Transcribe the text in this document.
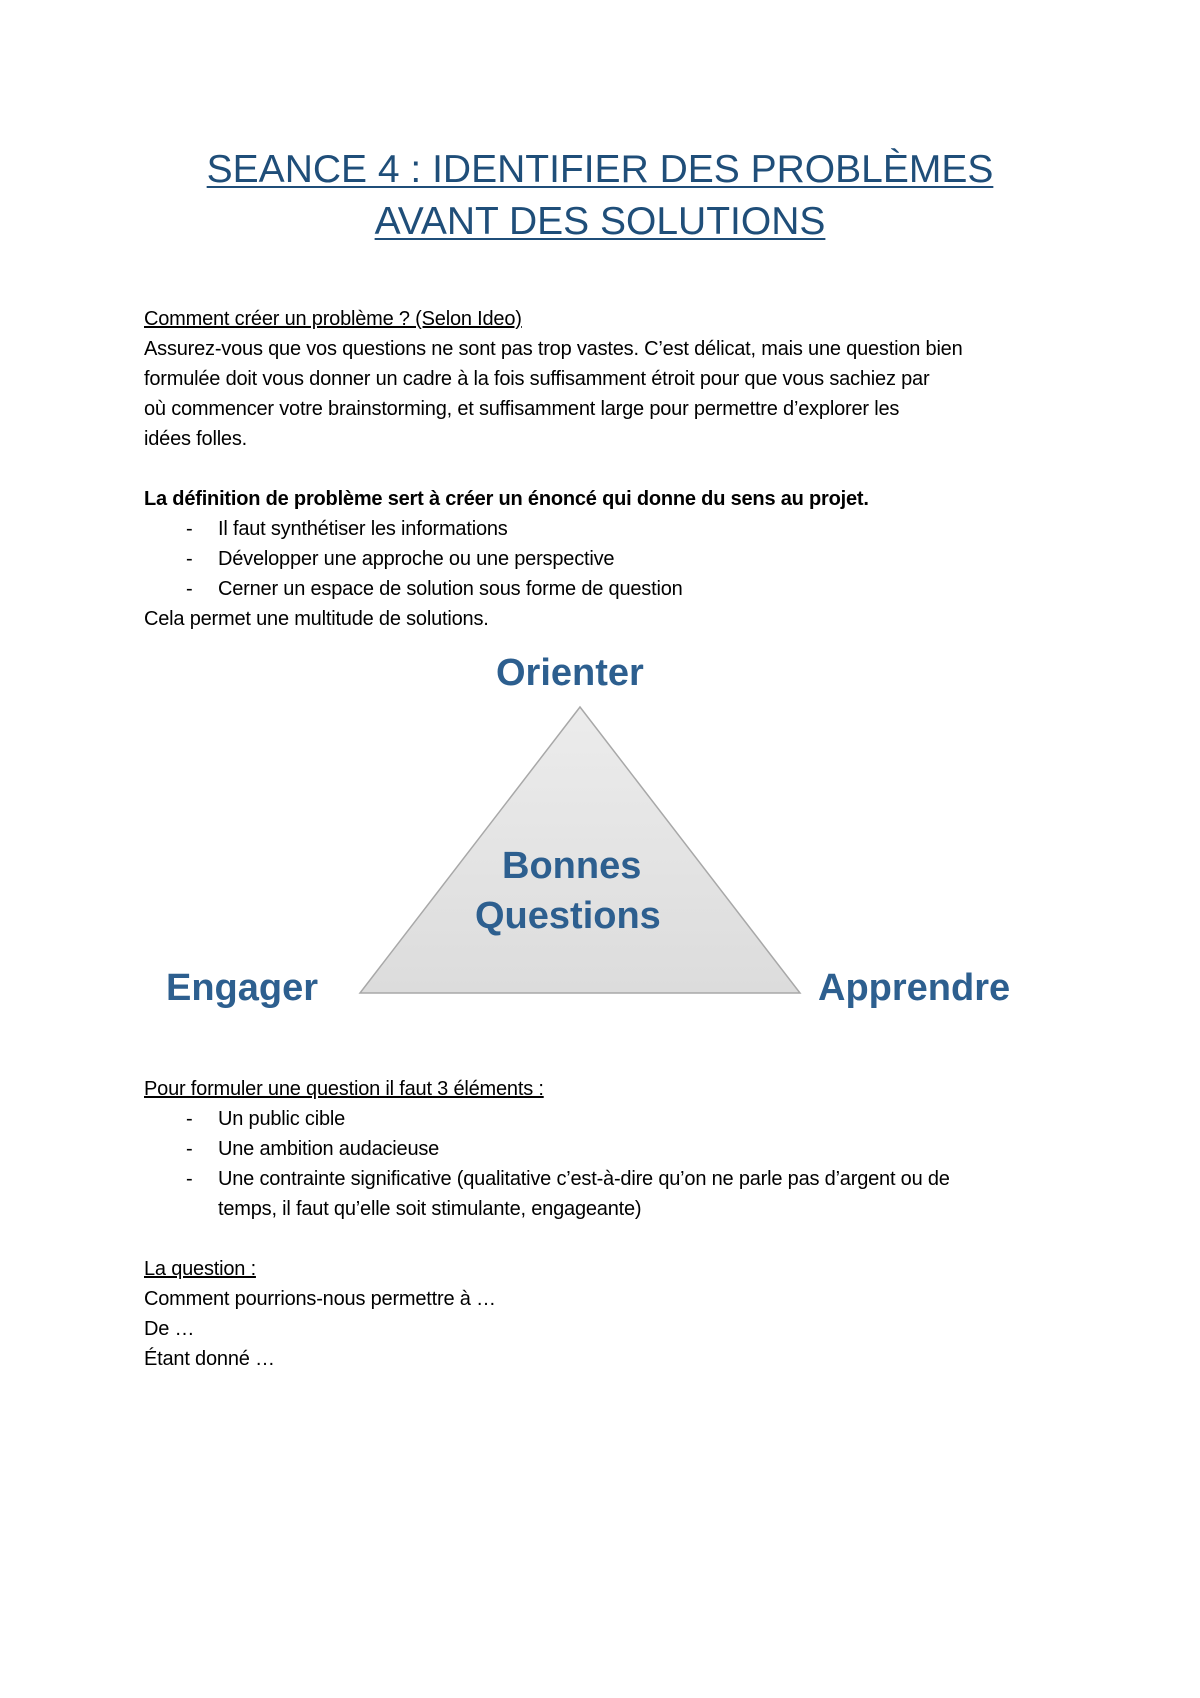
SEANCE 4 : IDENTIFIER DES PROBLÈMES
AVANT DES SOLUTIONS
Comment créer un problème ? (Selon Ideo)
Assurez-vous que vos questions ne sont pas trop vastes. C’est délicat, mais une question bien
formulée doit vous donner un cadre à la fois suffisamment étroit pour que vous sachiez par
où commencer votre brainstorming, et suffisamment large pour permettre d’explorer les
idées folles.
La définition de problème sert à créer un énoncé qui donne du sens au projet.
- Il faut synthétiser les informations
- Développer une approche ou une perspective
- Cerner un espace de solution sous forme de question
Cela permet une multitude de solutions.
Orienter
Engager	Apprendre
Bonnes
Questions
Pour formuler une question il faut 3 éléments :
- Un public cible
- Une ambition audacieuse
- Une contrainte significative (qualitative c’est-à-dire qu’on ne parle pas d’argent ou de
temps, il faut qu’elle soit stimulante, engageante)
La question :
Comment pourrions-nous permettre à …
De …
Étant donné …
